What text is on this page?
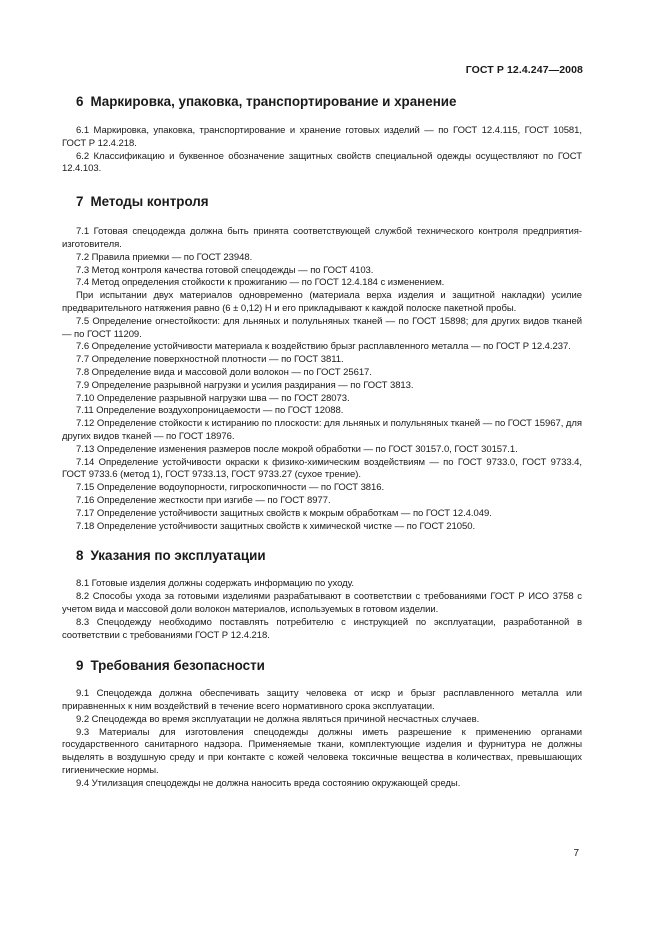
ГОСТ Р 12.4.247—2008
6 Маркировка, упаковка, транспортирование и хранение

6.1 Маркировка, упаковка, транспортирование и хранение готовых изделий — по ГОСТ 12.4.115, ГОСТ 10581, ГОСТ Р 12.4.218.

6.2 Классификацию и буквенное обозначение защитных свойств специальной одежды осуществляют по ГОСТ 12.4.103.

7 Методы контроля

7.1 Готовая спецодежда должна быть принята соответствующей службой технического контроля предприятия-изготовителя.

7.2 Правила приемки — по ГОСТ 23948.

7.3 Метод контроля качества готовой спецодежды — по ГОСТ 4103.

7.4 Метод определения стойкости к прожиганию — по ГОСТ 12.4.184 с изменением.

При испытании двух материалов одновременно (материала верха изделия и защитной накладки) усилие предварительного натяжения равно (6 ± 0,12) Н и его прикладывают к каждой полоске пакетной пробы.

7.5 Определение огнестойкости: для льняных и полульняных тканей — по ГОСТ 15898; для других видов тканей — по ГОСТ 11209.

7.6 Определение устойчивости материала к воздействию брызг расплавленного металла — по ГОСТ Р 12.4.237.

7.7 Определение поверхностной плотности — по ГОСТ 3811.

7.8 Определение вида и массовой доли волокон — по ГОСТ 25617.

7.9 Определение разрывной нагрузки и усилия раздирания — по ГОСТ 3813.

7.10 Определение разрывной нагрузки шва — по ГОСТ 28073.

7.11 Определение воздухопроницаемости — по ГОСТ 12088.

7.12 Определение стойкости к истиранию по плоскости: для льняных и полульняных тканей — по ГОСТ 15967, для других видов тканей — по ГОСТ 18976.

7.13 Определение изменения размеров после мокрой обработки — по ГОСТ 30157.0, ГОСТ 30157.1.

7.14 Определение устойчивости окраски к физико-химическим воздействиям — по ГОСТ 9733.0, ГОСТ 9733.4, ГОСТ 9733.6 (метод 1), ГОСТ 9733.13, ГОСТ 9733.27 (сухое трение).

7.15 Определение водоупорности, гигроскопичности — по ГОСТ 3816.

7.16 Определение жесткости при изгибе — по ГОСТ 8977.

7.17 Определение устойчивости защитных свойств к мокрым обработкам — по ГОСТ 12.4.049.

7.18 Определение устойчивости защитных свойств к химической чистке — по ГОСТ 21050.

8 Указания по эксплуатации

8.1 Готовые изделия должны содержать информацию по уходу.

8.2 Способы ухода за готовыми изделиями разрабатывают в соответствии с требованиями ГОСТ Р ИСО 3758 с учетом вида и массовой доли волокон материалов, используемых в готовом изделии.

8.3 Спецодежду необходимо поставлять потребителю с инструкцией по эксплуатации, разработанной в соответствии с требованиями ГОСТ Р 12.4.218.

9 Требования безопасности

9.1 Спецодежда должна обеспечивать защиту человека от искр и брызг расплавленного металла или приравненных к ним воздействий в течение всего нормативного срока эксплуатации.

9.2 Спецодежда во время эксплуатации не должна являться причиной несчастных случаев.

9.3 Материалы для изготовления спецодежды должны иметь разрешение к применению органами государственного санитарного надзора. Применяемые ткани, комплектующие изделия и фурнитура не должны выделять в воздушную среду и при контакте с кожей человека токсичные вещества в количествах, превышающих гигиенические нормы.

9.4 Утилизация спецодежды не должна наносить вреда состоянию окружающей среды.

7
